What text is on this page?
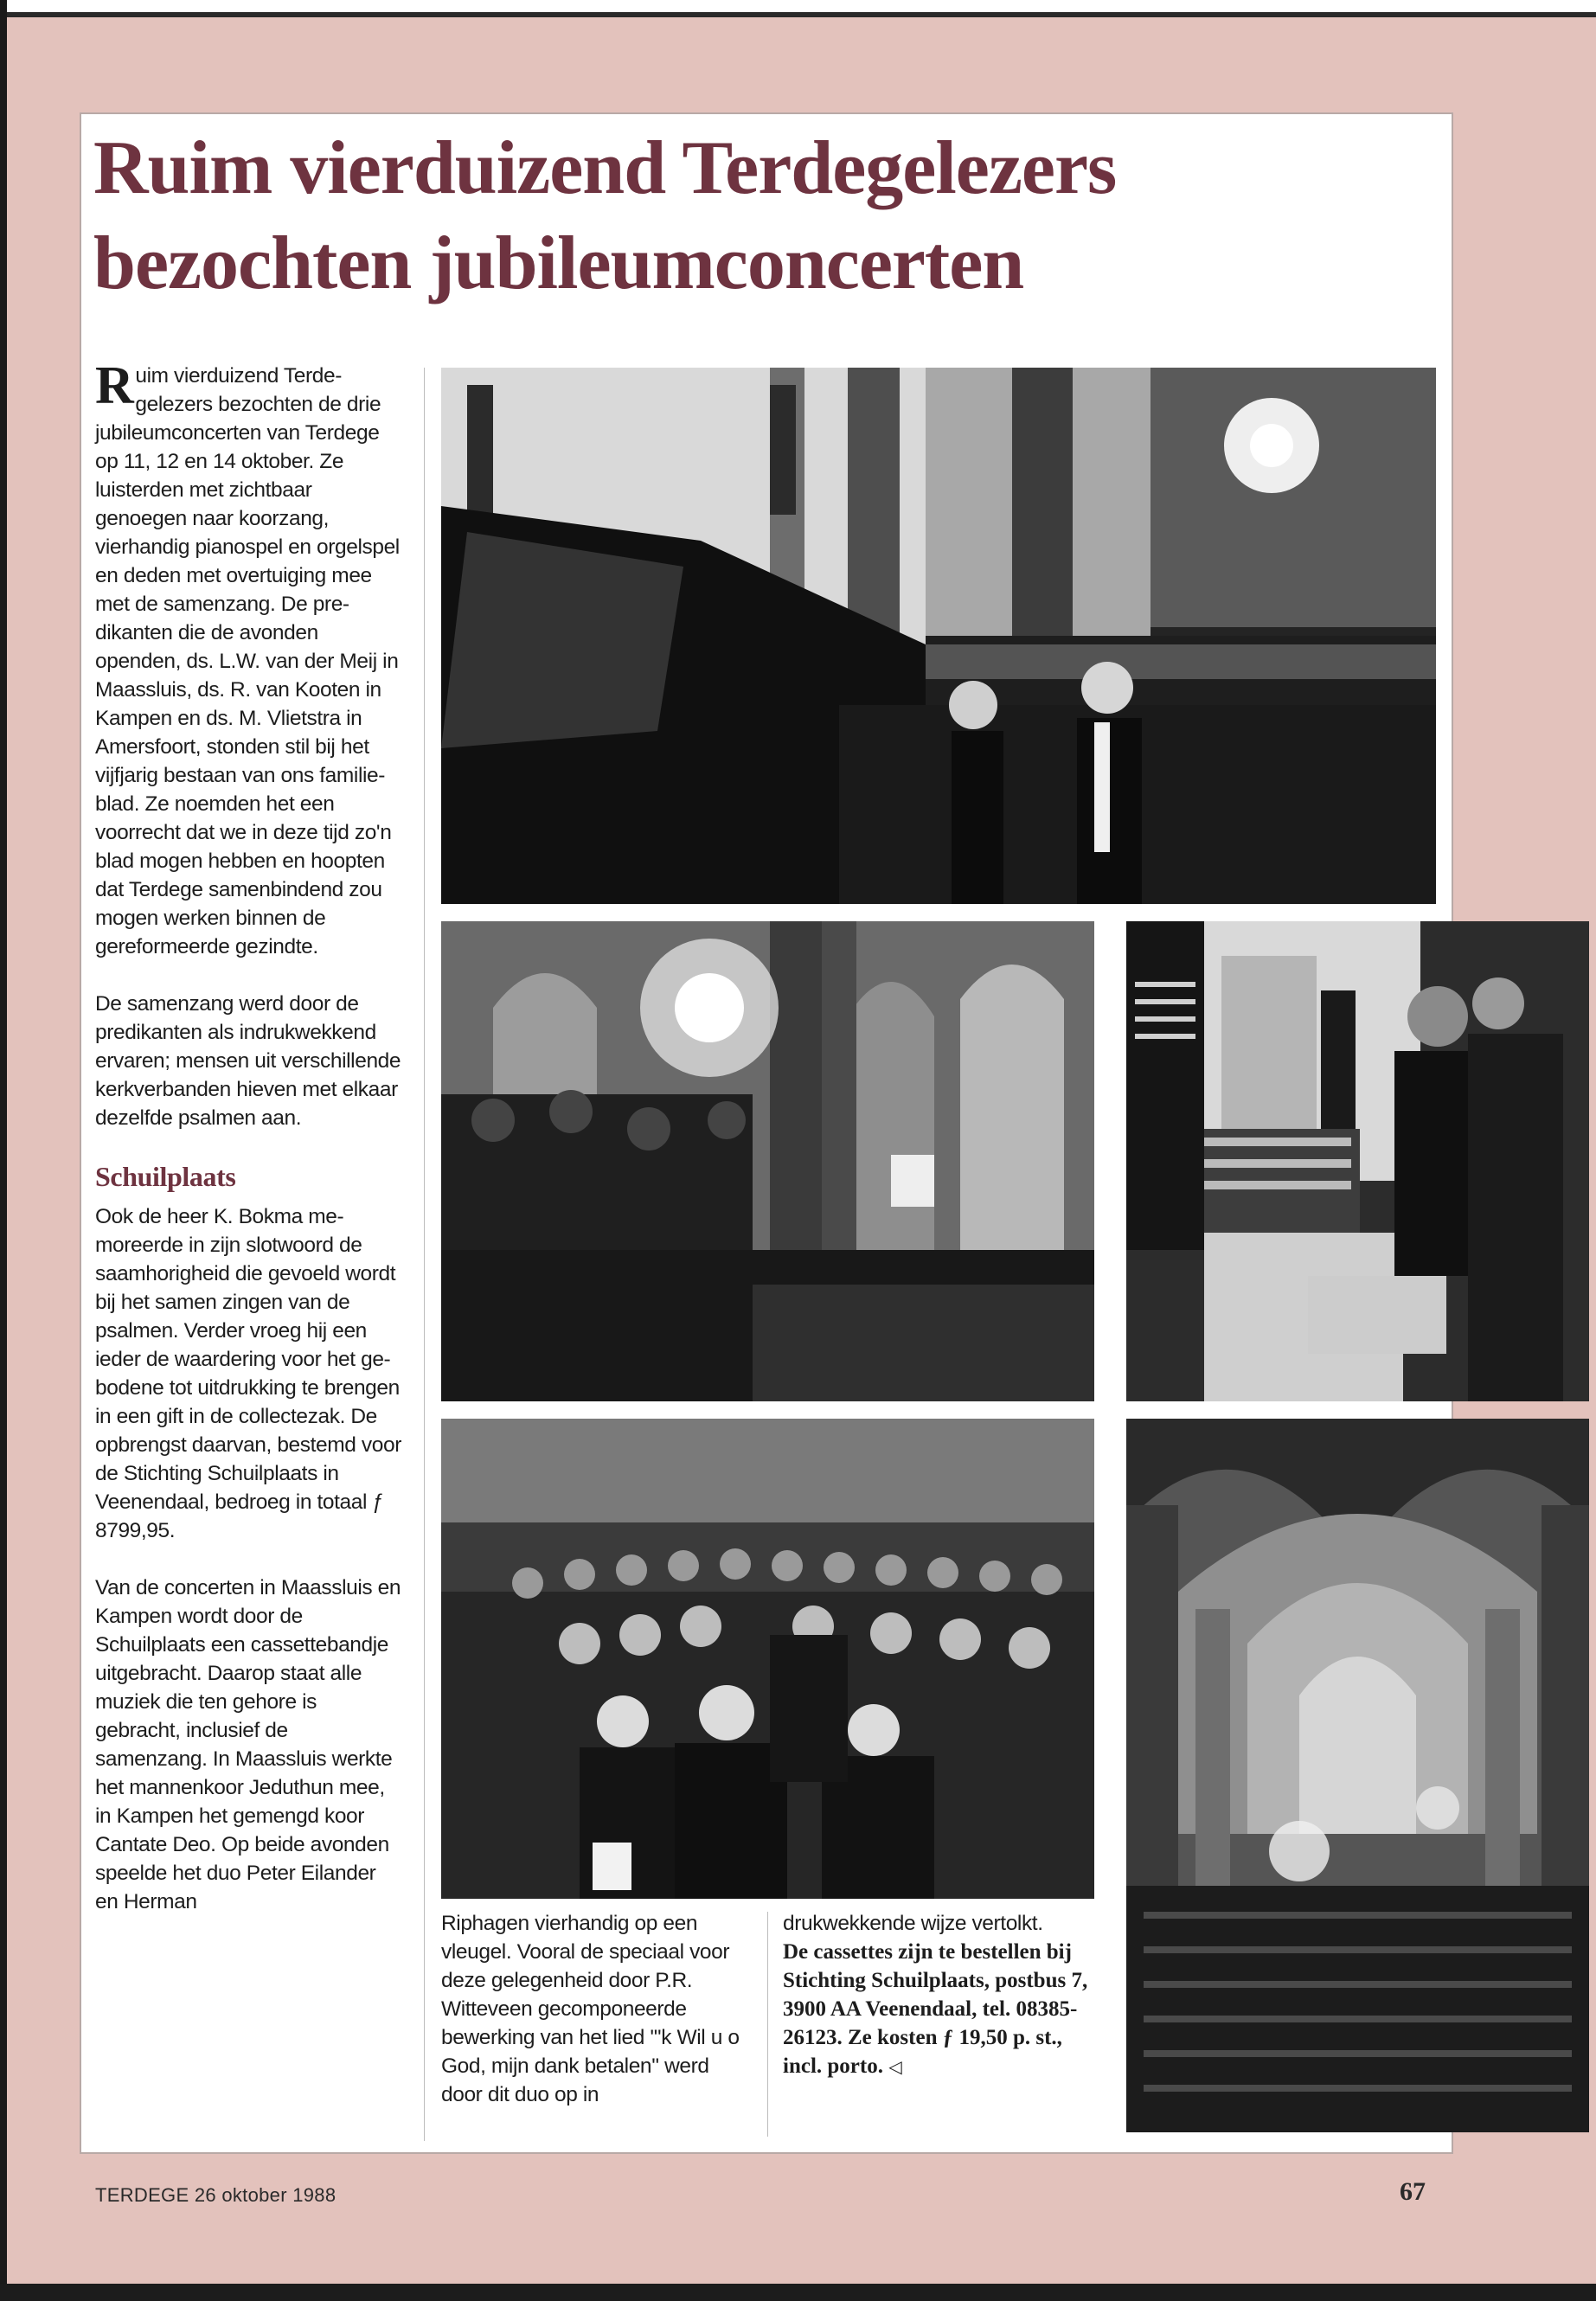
Ruim vierduizend Terdegelezers
bezochten jubileumconcerten

Ruim vierduizend Terdegelezers bezochten de drie jubileumconcerten van Terdege op 11, 12 en 14 oktober. Ze luisterden met zichtbaar genoegen naar koorzang, vierhandig pianospel en orgelspel en deden met overtuiging mee met de samenzang. De predikanten die de avonden openden, ds. L.W. van der Meij in Maassluis, ds. R. van Kooten in Kampen en ds. M. Vlietstra in Amersfoort, stonden stil bij het vijfjarig bestaan van ons familieblad. Ze noemden het een voorrecht dat we in deze tijd zo'n blad mogen hebben en hoopten dat Terdege samenbindend zou mogen werken binnen de gereformeerde gezindte.

De samenzang werd door de predikanten als indrukwekkend ervaren; mensen uit verschillende kerkverbanden hieven met elkaar dezelfde psalmen aan.

Schuilplaats

Ook de heer K. Bokma memoreerde in zijn slotwoord de saamhorigheid die gevoeld wordt bij het samen zingen van de psalmen. Verder vroeg hij een ieder de waardering voor het gebodene tot uitdrukking te brengen in een gift in de collectezak. De opbrengst daarvan, bestemd voor de Stichting Schuilplaats in Veenendaal, bedroeg in totaal ƒ 8799,95.

Van de concerten in Maassluis en Kampen wordt door de Schuilplaats een cassettebandje uitgebracht. Daarop staat alle muziek die ten gehore is gebracht, inclusief de samenzang. In Maassluis werkte het mannenkoor Jeduthun mee, in Kampen het gemengd koor Cantate Deo. Op beide avonden speelde het duo Peter Eilander en Herman

Riphagen vierhandig op een vleugel. Vooral de speciaal voor deze gelegenheid door P.R. Witteveen gecomponeerde bewerking van het lied '''k Wil u o God, mijn dank betalen'' werd door dit duo op in

drukwekkende wijze vertolkt.

De cassettes zijn te bestellen bij Stichting Schuilplaats, postbus 7, 3900 AA Veenendaal, tel. 08385-26123. Ze kosten ƒ 19,50 p. st., incl. porto. ◁

TERDEGE 26 oktober 1988	67
